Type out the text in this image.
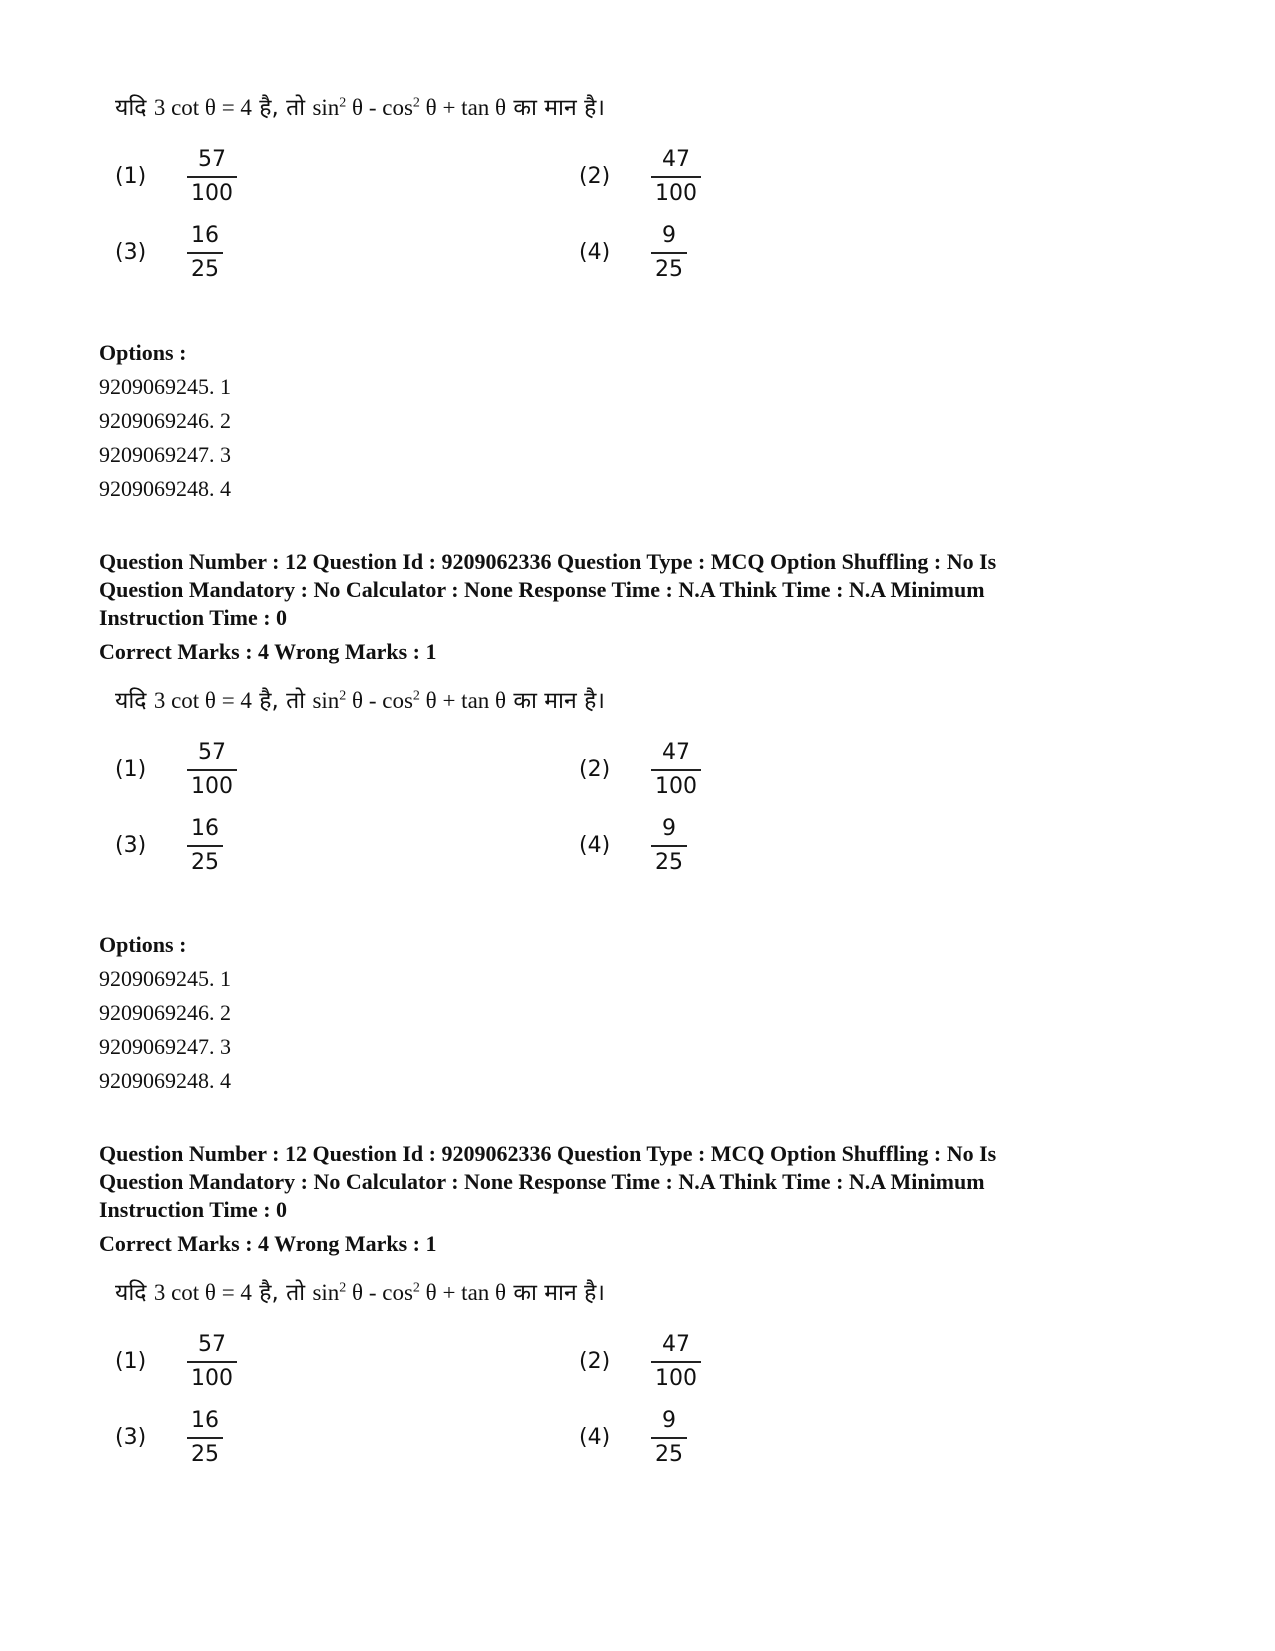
यदि 3 cot θ = 4 है, तो $\sin^2 \theta - \cos^2 \theta + \tan \theta$ का मान है।
(1)	$\frac{57}{100}$	(2)	$\frac{47}{100}$
(3)	$\frac{16}{25}$	(4)	$\frac{9}{25}$
Options :
9209069245. 1
9209069246. 2
9209069247. 3
9209069248. 4
Question Number : 12 Question Id : 9209062336 Question Type : MCQ Option Shuffling : No Is
Question Mandatory : No Calculator : None Response Time : N.A Think Time : N.A Minimum
Instruction Time : 0
Correct Marks : 4 Wrong Marks : 1
यदि 3 cot θ = 4 है, तो $\sin^2 \theta - \cos^2 \theta + \tan \theta$ का मान है।
(1)	$\frac{57}{100}$	(2)	$\frac{47}{100}$
(3)	$\frac{16}{25}$	(4)	$\frac{9}{25}$
Options :
9209069245. 1
9209069246. 2
9209069247. 3
9209069248. 4
Question Number : 12 Question Id : 9209062336 Question Type : MCQ Option Shuffling : No Is
Question Mandatory : No Calculator : None Response Time : N.A Think Time : N.A Minimum
Instruction Time : 0
Correct Marks : 4 Wrong Marks : 1
यदि 3 cot θ = 4 है, तो $\sin^2 \theta - \cos^2 \theta + \tan \theta$ का मान है।
(1)	$\frac{57}{100}$	(2)	$\frac{47}{100}$
(3)	$\frac{16}{25}$	(4)	$\frac{9}{25}$
